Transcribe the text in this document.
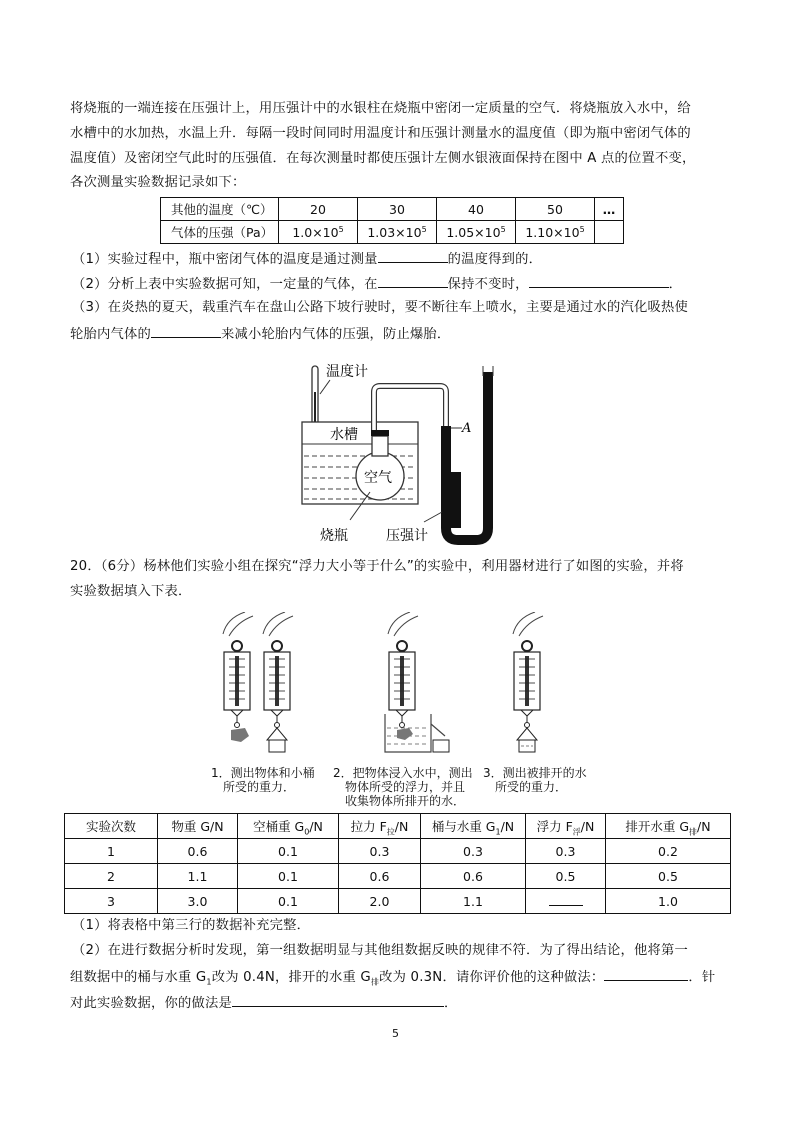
将烧瓶的一端连接在压强计上，用压强计中的水银柱在烧瓶中密闭一定质量的空气．将烧瓶放入水中，给
水槽中的水加热，水温上升．每隔一段时间同时用温度计和压强计测量水的温度值（即为瓶中密闭气体的
温度值）及密闭空气此时的压强值．在每次测量时都使压强计左侧水银液面保持在图中 A 点的位置不变，
各次测量实验数据记录如下：
其他的温度（℃）	20	30	40	50	…
气体的压强（Pa）	$1.0\times 10^5$	$1.03\times 10^5$	$1.05\times 10^5$	$1.10\times 10^5$	
（1）实验过程中，瓶中密闭气体的温度是通过测量	的温度得到的．
（2）分析上表中实验数据可知，一定量的气体，在	保持不变时，	．
（3）在炎热的夏天，载重汽车在盘山公路下坡行驶时，要不断往车上喷水，主要是通过水的汽化吸热使
轮胎内气体的	来减小轮胎内气体的压强，防止爆胎．
温度计
水槽
空气
烧瓶	压强计
A
20．（6分）杨林他们实验小组在探究“浮力大小等于什么”的实验中，利用器材进行了如图的实验，并将
实验数据填入下表．
1．测出物体和小桶
所受的重力．
2．把物体浸入水中，测出
物体所受的浮力，并且
收集物体所排开的水．
3．测出被排开的水
所受的重力．
实验次数	物重 G/N	空桶重 $G_0/N$	拉力 $F_拉/N$	桶与水重 $G_1/N$	浮力 $F_浮/N$	排开水重 $G_排/N$
1	0.6	0.1	0.3	0.3	0.3	0.2
2	1.1	0.1	0.6	0.6	0.5	0.5
3	3.0	0.1	2.0	1.1		1.0
（1）将表格中第三行的数据补充完整．
（2）在进行数据分析时发现，第一组数据明显与其他组数据反映的规律不符．为了得出结论，他将第一
组数据中的桶与水重 $G_1$改为 0.4N，排开的水重 $G_排$改为 0.3N．请你评价他的这种做法：	．针
对此实验数据，你的做法是	．
5
